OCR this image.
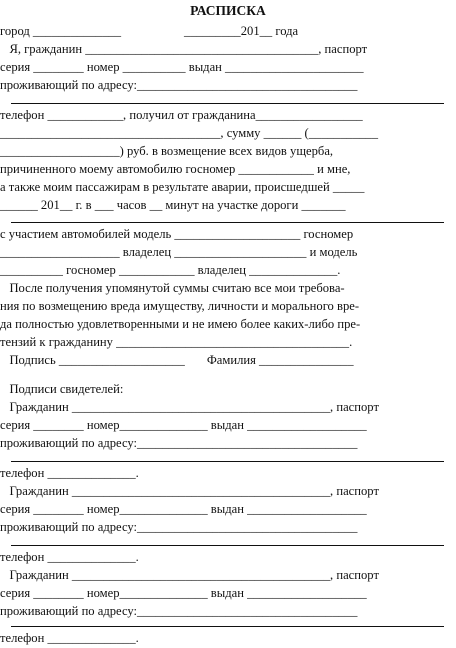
РАСПИСКА
город ______________                    _________201__ года
Я, гражданин _____________________________________, паспорт
серия ________ номер __________ выдан ______________________
проживающий по адресу:___________________________________
телефон ____________, получил от гражданина_________________
___________________________________, сумму ______ (___________
___________________) руб. в возмещение всех видов ущерба,
причиненного моему автомобилю госномер ____________ и мне,
а также моим пассажирам в результате аварии, происшедшей _____
______ 201__ г. в ___ часов __ минут на участке дороги _______
с участием автомобилей модель ____________________ госномер
___________________ владелец _____________________ и модель
__________ госномер ____________ владелец ______________.
После получения упомянутой суммы считаю все мои требова-
ния по возмещению вреда имуществу, личности и морального вре-
да полностью удовлетворенными и не имею более каких-либо пре-
тензий к гражданину _____________________________________.
Подпись ____________________       Фамилия _______________
Подписи свидетелей:
Гражданин _________________________________________, паспорт
серия ________ номер______________ выдан ___________________
проживающий по адресу:___________________________________
телефон ______________.
Гражданин _________________________________________, паспорт
серия ________ номер______________ выдан ___________________
проживающий по адресу:___________________________________
телефон ______________.
Гражданин _________________________________________, паспорт
серия ________ номер______________ выдан ___________________
проживающий по адресу:___________________________________
телефон ______________.
